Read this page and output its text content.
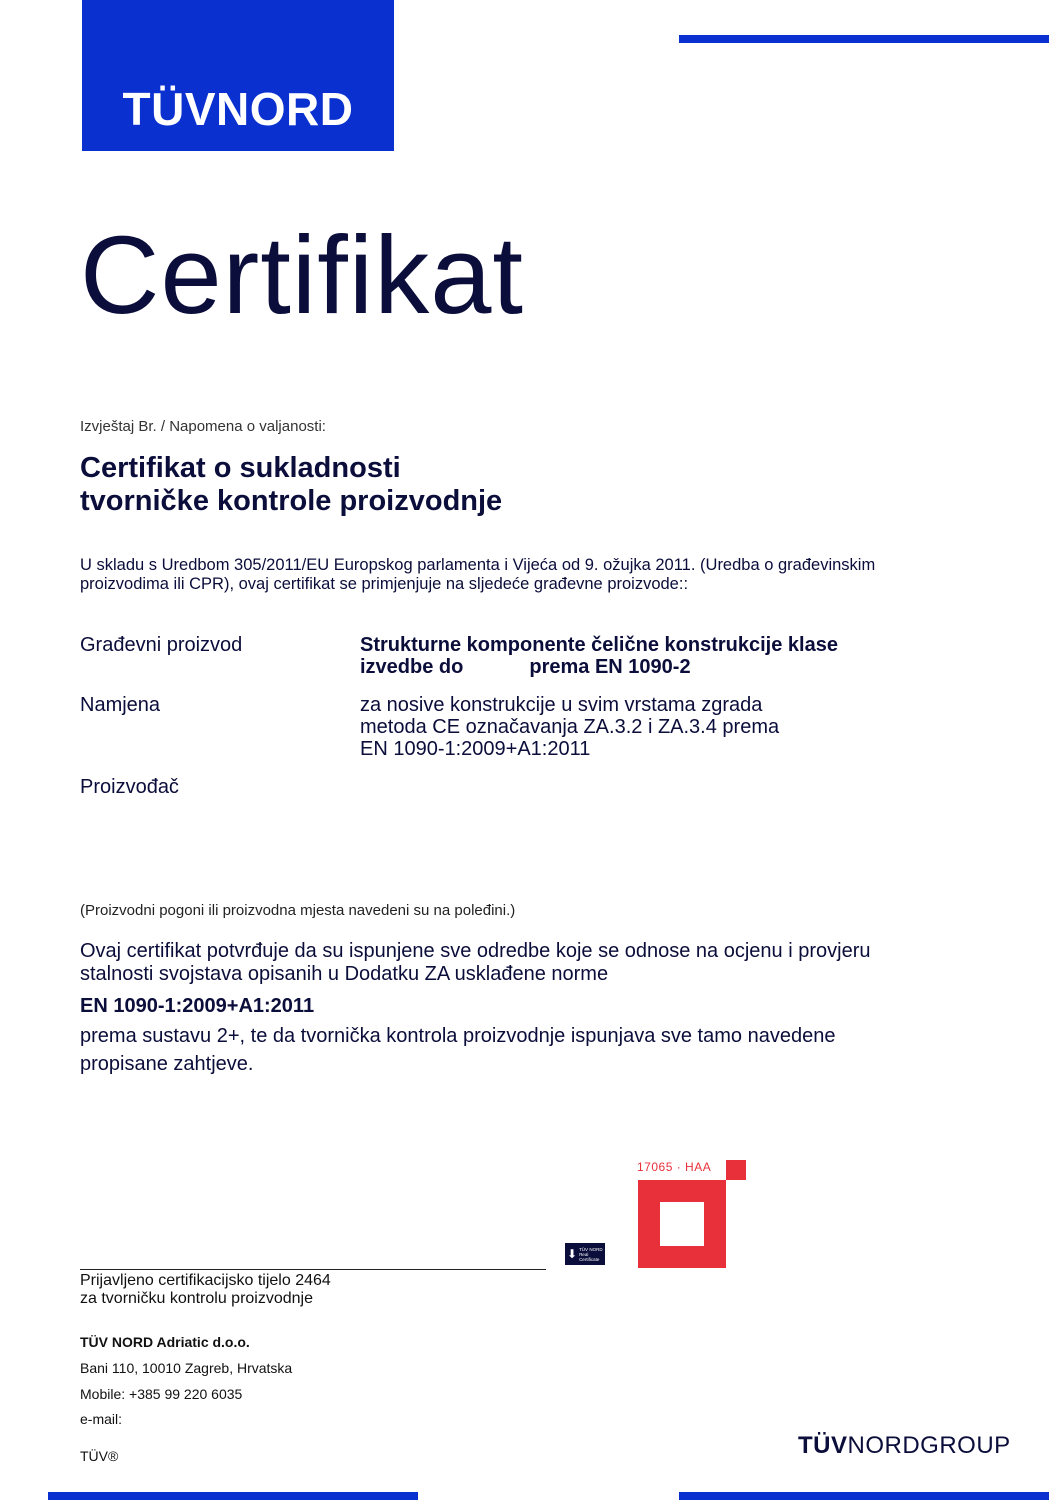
TÜVNORD
Certifikat
Izvještaj Br. / Napomena o valjanosti:
Certifikat o sukladnosti
tvorničke kontrole proizvodnje
U skladu s Uredbom 305/2011/EU Europskog parlamenta i Vijeća od 9. ožujka 2011. (Uredba o građevinskim
proizvodima ili CPR), ovaj certifikat se primjenjuje na sljedeće građevne proizvode::
Građevni proizvod	Strukturne komponente čelične konstrukcije klase
izvedbe do	prema EN 1090-2
Namjena	za nosive konstrukcije u svim vrstama zgrada
metoda CE označavanja ZA.3.2 i ZA.3.4 prema
EN 1090-1:2009+A1:2011
Proizvođač
(Proizvodni pogoni ili proizvodna mjesta navedeni su na poleđini.)
Ovaj certifikat potvrđuje da su ispunjene sve odredbe koje se odnose na ocjenu i provjeru
stalnosti svojstava opisanih u Dodatku ZA usklađene norme
EN 1090-1:2009+A1:2011
prema sustavu 2+, te da tvornička kontrola proizvodnje ispunjava sve tamo navedene
propisane zahtjeve.
17065 · HAA
3235
⬇ TÜV NORD
Real
Certificate
Prijavljeno certifikacijsko tijelo 2464
za tvorničku kontrolu proizvodnje
TÜV NORD Adriatic d.o.o.
Bani 110, 10010 Zagreb, Hrvatska
Mobile: +385 99 220 6035
e-mail:
TÜV®	TÜVNORDGROUP
